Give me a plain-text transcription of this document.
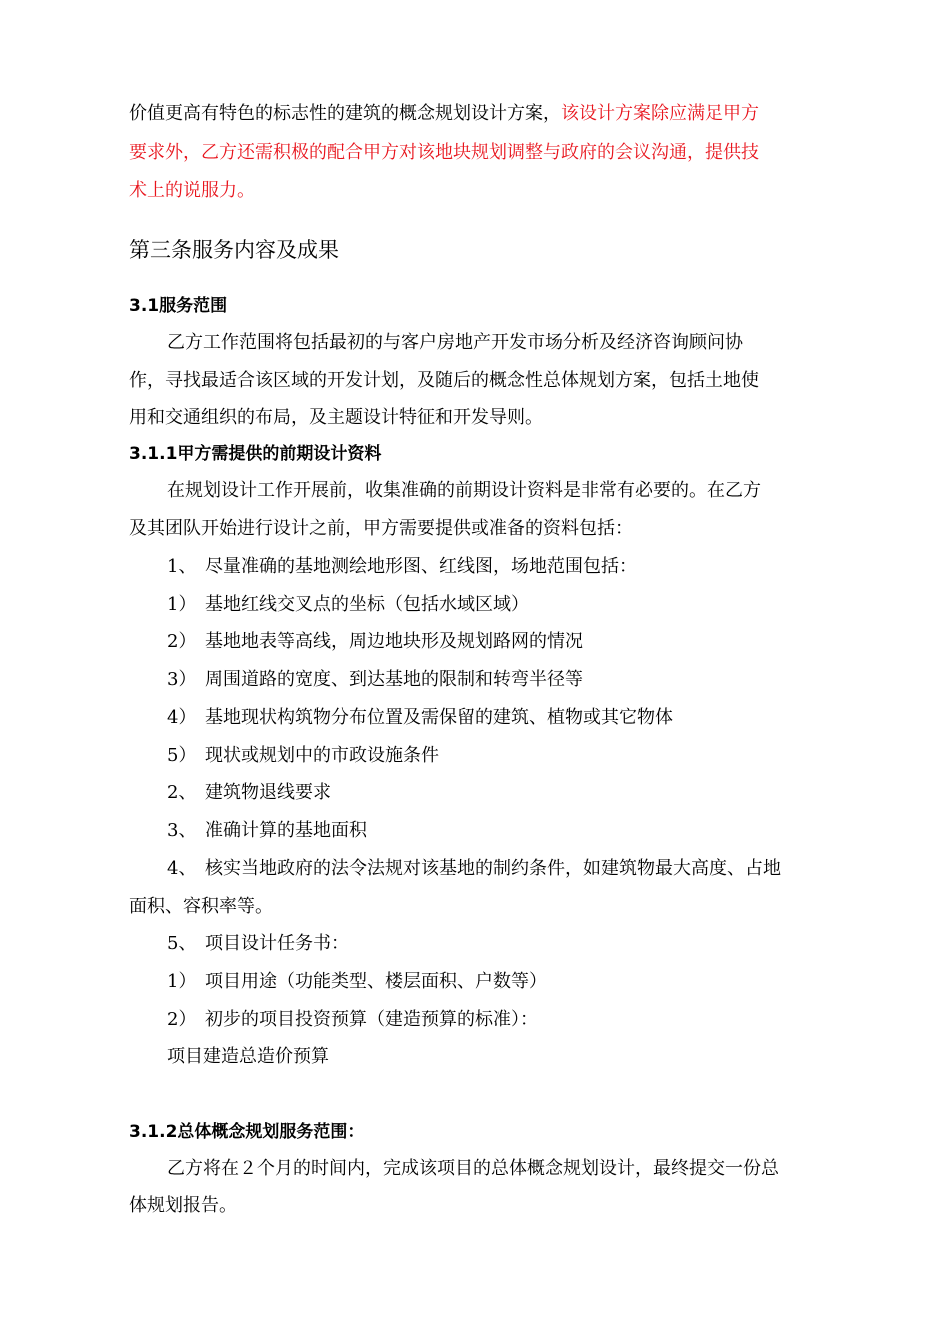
价值更高有特色的标志性的建筑的概念规划设计方案，该设计方案除应满足甲方
要求外，乙方还需积极的配合甲方对该地块规划调整与政府的会议沟通，提供技
术上的说服力。
第三条服务内容及成果
3.1服务范围
乙方工作范围将包括最初的与客户房地产开发市场分析及经济咨询顾问协
作，寻找最适合该区域的开发计划，及随后的概念性总体规划方案，包括土地使
用和交通组织的布局，及主题设计特征和开发导则。
3.1.1甲方需提供的前期设计资料
在规划设计工作开展前，收集准确的前期设计资料是非常有必要的。在乙方
及其团队开始进行设计之前，甲方需要提供或准备的资料包括：
1、 尽量准确的基地测绘地形图、红线图，场地范围包括：
1） 基地红线交叉点的坐标（包括水域区域）
2） 基地地表等高线，周边地块形及规划路网的情况
3） 周围道路的宽度、到达基地的限制和转弯半径等
4） 基地现状构筑物分布位置及需保留的建筑、植物或其它物体
5） 现状或规划中的市政设施条件
2、 建筑物退线要求
3、 准确计算的基地面积
4、 核实当地政府的法令法规对该基地的制约条件，如建筑物最大高度、占地
面积、容积率等。
5、 项目设计任务书：
1） 项目用途（功能类型、楼层面积、户数等）
2） 初步的项目投资预算（建造预算的标准）：
项目建造总造价预算
3.1.2总体概念规划服务范围：
乙方将在２个月的时间内，完成该项目的总体概念规划设计，最终提交一份总
体规划报告。
